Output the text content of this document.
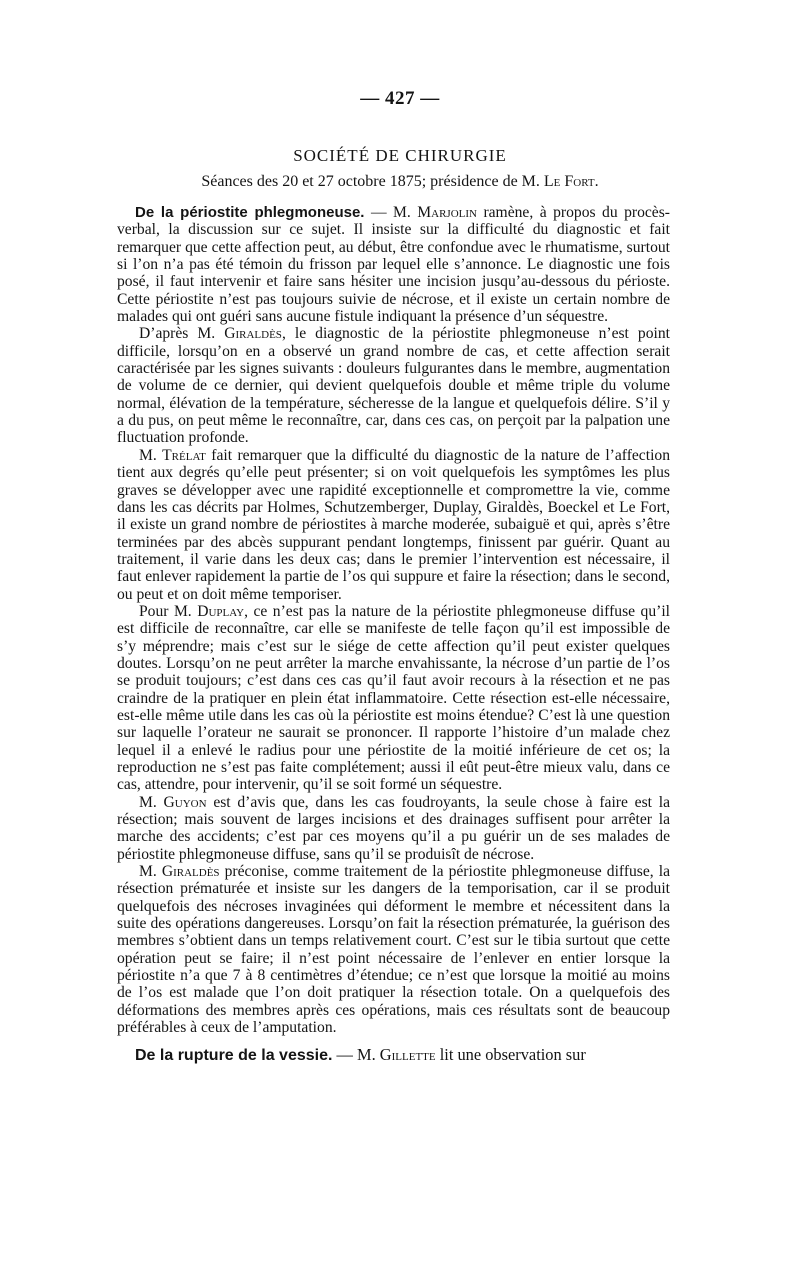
— 427 —
SOCIÉTÉ DE CHIRURGIE
Séances des 20 et 27 octobre 1875; présidence de M. Le Fort.

De la périostite phlegmoneuse. — M. Marjolin ramène, à propos du procès-verbal, la discussion sur ce sujet. Il insiste sur la difficulté du diagnostic et fait remarquer que cette affection peut, au début, être confondue avec le rhumatisme, surtout si l’on n’a pas été témoin du frisson par lequel elle s’annonce. Le diagnostic une fois posé, il faut intervenir et faire sans hésiter une incision jusqu’au-dessous du périoste. Cette périostite n’est pas toujours suivie de nécrose, et il existe un certain nombre de malades qui ont guéri sans aucune fistule indiquant la présence d’un séquestre.

D’après M. Giraldès, le diagnostic de la périostite phlegmoneuse n’est point difficile, lorsqu’on en a observé un grand nombre de cas, et cette affection serait caractérisée par les signes suivants : douleurs fulgurantes dans le membre, augmentation de volume de ce dernier, qui devient quelquefois double et même triple du volume normal, élévation de la température, sécheresse de la langue et quelquefois délire. S’il y a du pus, on peut même le reconnaître, car, dans ces cas, on perçoit par la palpation une fluctuation profonde.

M. Trélat fait remarquer que la difficulté du diagnostic de la nature de l’affection tient aux degrés qu’elle peut présenter; si on voit quelquefois les symptômes les plus graves se développer avec une rapidité exceptionnelle et compromettre la vie, comme dans les cas décrits par Holmes, Schutzemberger, Duplay, Giraldès, Boeckel et Le Fort, il existe un grand nombre de périostites à marche moderée, subaiguë et qui, après s’être terminées par des abcès suppurant pendant longtemps, finissent par guérir. Quant au traitement, il varie dans les deux cas; dans le premier l’intervention est nécessaire, il faut enlever rapidement la partie de l’os qui suppure et faire la résection; dans le second, ou peut et on doit même temporiser.

Pour M. Duplay, ce n’est pas la nature de la périostite phlegmoneuse diffuse qu’il est difficile de reconnaître, car elle se manifeste de telle façon qu’il est impossible de s’y méprendre; mais c’est sur le siége de cette affection qu’il peut exister quelques doutes. Lorsqu’on ne peut arrêter la marche envahissante, la nécrose d’un partie de l’os se produit toujours; c’est dans ces cas qu’il faut avoir recours à la résection et ne pas craindre de la pratiquer en plein état inflammatoire. Cette résection est-elle nécessaire, est-elle même utile dans les cas où la périostite est moins étendue? C’est là une question sur laquelle l’orateur ne saurait se prononcer. Il rapporte l’histoire d’un malade chez lequel il a enlevé le radius pour une périostite de la moitié inférieure de cet os; la reproduction ne s’est pas faite complétement; aussi il eût peut-être mieux valu, dans ce cas, attendre, pour intervenir, qu’il se soit formé un séquestre.

M. Guyon est d’avis que, dans les cas foudroyants, la seule chose à faire est la résection; mais souvent de larges incisions et des drainages suffisent pour arrêter la marche des accidents; c’est par ces moyens qu’il a pu guérir un de ses malades de périostite phlegmoneuse diffuse, sans qu’il se produisît de nécrose.

M. Giraldès préconise, comme traitement de la périostite phlegmoneuse diffuse, la résection prématurée et insiste sur les dangers de la temporisation, car il se produit quelquefois des nécroses invaginées qui déforment le membre et nécessitent dans la suite des opérations dangereuses. Lorsqu’on fait la résection prématurée, la guérison des membres s’obtient dans un temps relativement court. C’est sur le tibia surtout que cette opération peut se faire; il n’est point nécessaire de l’enlever en entier lorsque la périostite n’a que 7 à 8 centimètres d’étendue; ce n’est que lorsque la moitié au moins de l’os est malade que l’on doit pratiquer la résection totale. On a quelquefois des déformations des membres après ces opérations, mais ces résultats sont de beaucoup préférables à ceux de l’amputation.

De la rupture de la vessie. — M. Gillette lit une observation sur
